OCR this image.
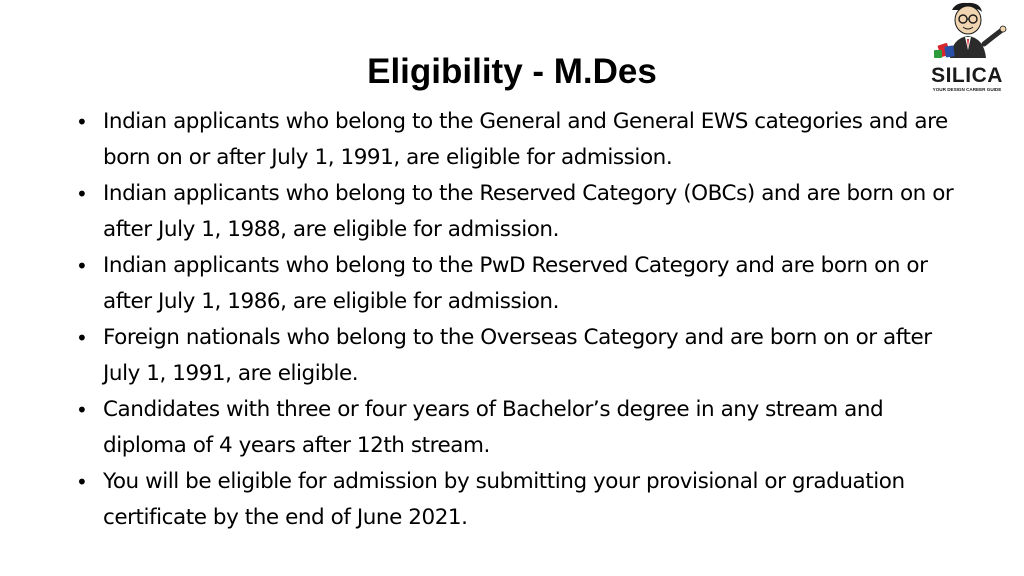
Eligibility - M.Des	SILICA
YOUR DESIGN CAREER GUIDE
• Indian applicants who belong to the General and General EWS categories and are born on or after July 1, 1991, are eligible for admission.
• Indian applicants who belong to the Reserved Category (OBCs) and are born on or after July 1, 1988, are eligible for admission.
• Indian applicants who belong to the PwD Reserved Category and are born on or after July 1, 1986, are eligible for admission.
• Foreign nationals who belong to the Overseas Category and are born on or after July 1, 1991, are eligible.
• Candidates with three or four years of Bachelor’s degree in any stream and diploma of 4 years after 12th stream.
• You will be eligible for admission by submitting your provisional or graduation certificate by the end of June 2021.
